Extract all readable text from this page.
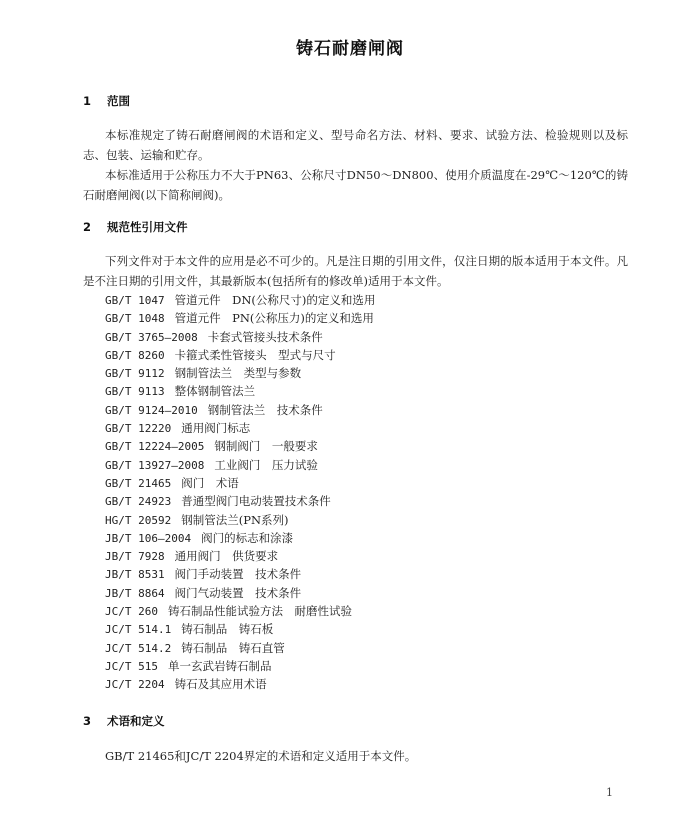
铸石耐磨闸阀
1 范围
本标准规定了铸石耐磨闸阀的术语和定义、型号命名方法、材料、要求、试验方法、检验规则以及标志、包装、运输和贮存。
本标准适用于公称压力不大于PN63、公称尺寸DN50～DN800、使用介质温度在-29℃～120℃的铸石耐磨闸阀(以下简称闸阀)。
2 规范性引用文件
下列文件对于本文件的应用是必不可少的。凡是注日期的引用文件，仅注日期的版本适用于本文件。凡是不注日期的引用文件，其最新版本(包括所有的修改单)适用于本文件。
GB/T 1047 管道元件　DN(公称尺寸)的定义和选用
GB/T 1048 管道元件　PN(公称压力)的定义和选用
GB/T 3765—2008 卡套式管接头技术条件
GB/T 8260 卡箍式柔性管接头　型式与尺寸
GB/T 9112 钢制管法兰　类型与参数
GB/T 9113 整体钢制管法兰
GB/T 9124—2010 钢制管法兰　技术条件
GB/T 12220 通用阀门标志
GB/T 12224—2005 钢制阀门　一般要求
GB/T 13927—2008 工业阀门　压力试验
GB/T 21465 阀门　术语
GB/T 24923 普通型阀门电动装置技术条件
HG/T 20592 钢制管法兰(PN系列)
JB/T 106—2004 阀门的标志和涂漆
JB/T 7928 通用阀门　供货要求
JB/T 8531 阀门手动装置　技术条件
JB/T 8864 阀门气动装置　技术条件
JC/T 260 铸石制品性能试验方法　耐磨性试验
JC/T 514.1 铸石制品　铸石板
JC/T 514.2 铸石制品　铸石直管
JC/T 515 单一玄武岩铸石制品
JC/T 2204 铸石及其应用术语
3 术语和定义
GB/T 21465和JC/T 2204界定的术语和定义适用于本文件。
1
